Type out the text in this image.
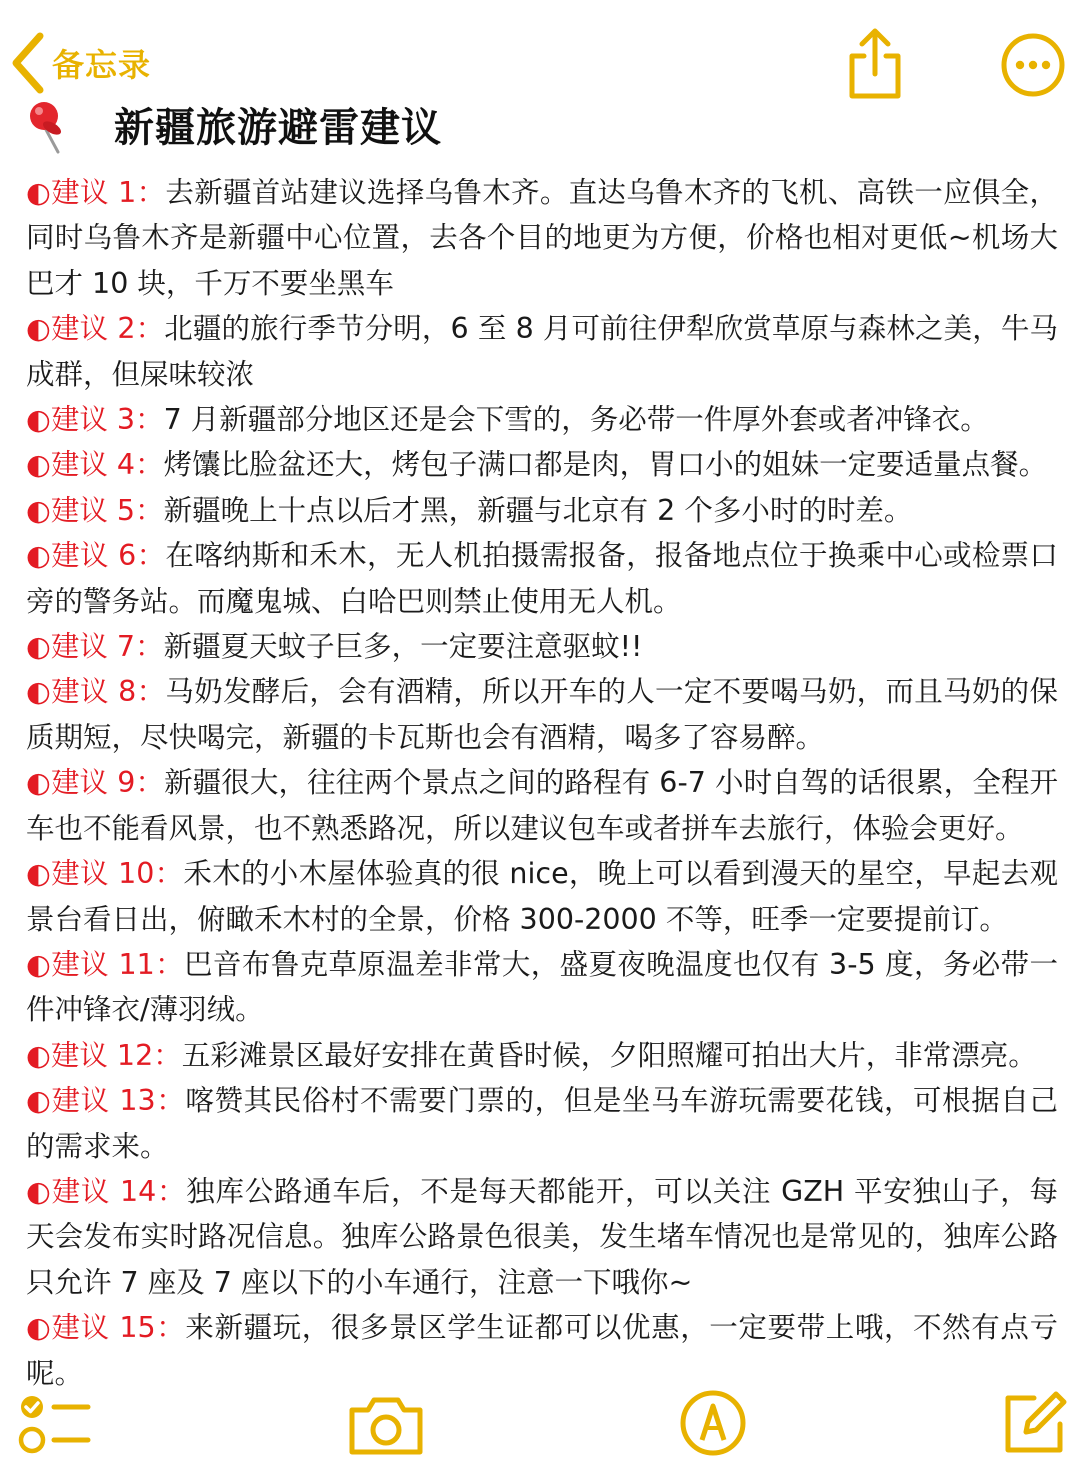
备忘录
新疆旅游避雷建议

◐建议 1：去新疆首站建议选择乌鲁木齐。直达乌鲁木齐的飞机、高铁一应俱全，同时乌鲁木齐是新疆中心位置，去各个目的地更为方便，价格也相对更低~机场大巴才 10 块，千万不要坐黑车

◐建议 2：北疆的旅行季节分明，6 至 8 月可前往伊犁欣赏草原与森林之美，牛马成群，但屎味较浓

◐建议 3：7 月新疆部分地区还是会下雪的，务必带一件厚外套或者冲锋衣。

◐建议 4：烤馕比脸盆还大，烤包子满口都是肉，胃口小的姐妹一定要适量点餐。

◐建议 5：新疆晚上十点以后才黑，新疆与北京有 2 个多小时的时差。

◐建议 6：在喀纳斯和禾木，无人机拍摄需报备，报备地点位于换乘中心或检票口旁的警务站。而魔鬼城、白哈巴则禁止使用无人机。

◐建议 7：新疆夏天蚊子巨多，一定要注意驱蚊!!

◐建议 8：马奶发酵后，会有酒精，所以开车的人一定不要喝马奶，而且马奶的保质期短，尽快喝完，新疆的卡瓦斯也会有酒精，喝多了容易醉。

◐建议 9：新疆很大，往往两个景点之间的路程有 6-7 小时自驾的话很累，全程开车也不能看风景，也不熟悉路况，所以建议包车或者拼车去旅行，体验会更好。

◐建议 10：禾木的小木屋体验真的很 nice，晚上可以看到漫天的星空，早起去观景台看日出，俯瞰禾木村的全景，价格 300-2000 不等，旺季一定要提前订。

◐建议 11：巴音布鲁克草原温差非常大，盛夏夜晚温度也仅有 3-5 度，务必带一件冲锋衣/薄羽绒。

◐建议 12：五彩滩景区最好安排在黄昏时候，夕阳照耀可拍出大片，非常漂亮。

◐建议 13：喀赞其民俗村不需要门票的，但是坐马车游玩需要花钱，可根据自己的需求来。

◐建议 14：独库公路通车后，不是每天都能开，可以关注 GZH 平安独山子，每天会发布实时路况信息。独库公路景色很美，发生堵车情况也是常见的，独库公路只允许 7 座及 7 座以下的小车通行，注意一下哦你~

◐建议 15：来新疆玩，很多景区学生证都可以优惠，一定要带上哦，不然有点亏呢。
